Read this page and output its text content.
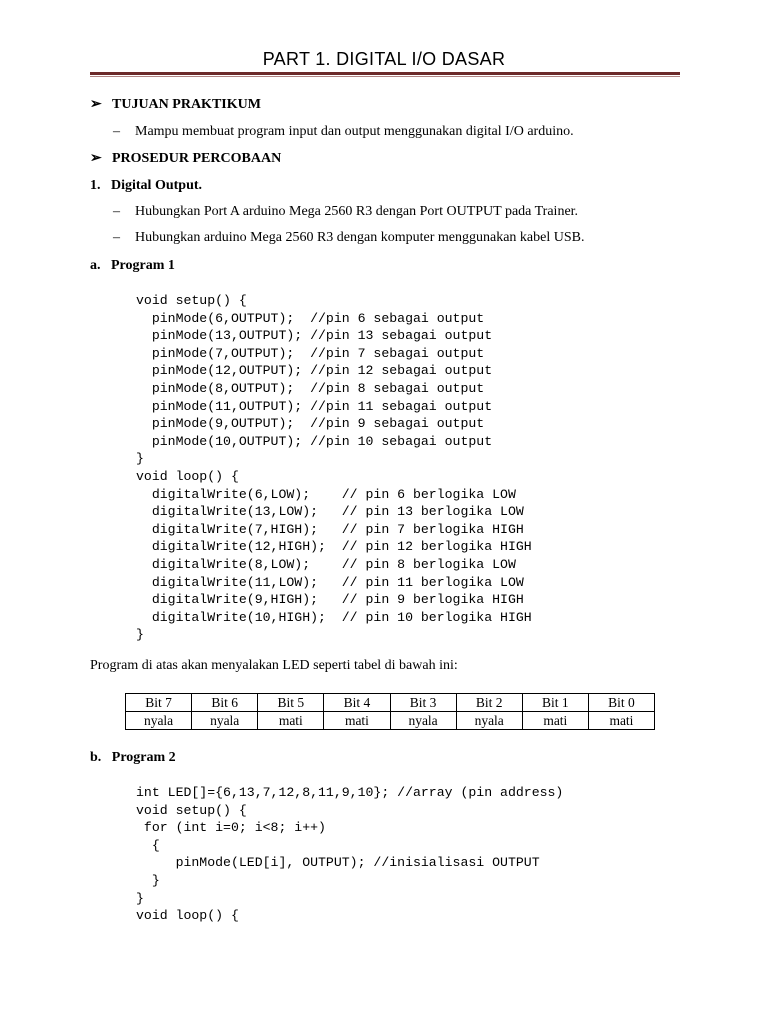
PART 1. DIGITAL I/O DASAR
➢ TUJUAN PRAKTIKUM
– Mampu membuat program input dan output menggunakan digital I/O arduino.
➢ PROSEDUR PERCOBAAN
1.   Digital Output.
– Hubungkan Port A arduino Mega 2560 R3 dengan Port OUTPUT pada Trainer.
– Hubungkan arduino Mega 2560 R3 dengan komputer menggunakan kabel USB.
a.   Program 1
void setup() {
pinMode(6,OUTPUT);  //pin 6 sebagai output
pinMode(13,OUTPUT); //pin 13 sebagai output
pinMode(7,OUTPUT);  //pin 7 sebagai output
pinMode(12,OUTPUT); //pin 12 sebagai output
pinMode(8,OUTPUT);  //pin 8 sebagai output
pinMode(11,OUTPUT); //pin 11 sebagai output
pinMode(9,OUTPUT);  //pin 9 sebagai output
pinMode(10,OUTPUT); //pin 10 sebagai output
}
void loop() {
digitalWrite(6,LOW);    // pin 6 berlogika LOW
digitalWrite(13,LOW);   // pin 13 berlogika LOW
digitalWrite(7,HIGH);   // pin 7 berlogika HIGH
digitalWrite(12,HIGH);  // pin 12 berlogika HIGH
digitalWrite(8,LOW);    // pin 8 berlogika LOW
digitalWrite(11,LOW);   // pin 11 berlogika LOW
digitalWrite(9,HIGH);   // pin 9 berlogika HIGH
digitalWrite(10,HIGH);  // pin 10 berlogika HIGH
}
Program di atas akan menyalakan LED seperti tabel di bawah ini:
Bit 7	Bit 6	Bit 5	Bit 4	Bit 3	Bit 2	Bit 1	Bit 0
nyala	nyala	mati	mati	nyala	nyala	mati	mati
b.   Program 2
int LED[]={6,13,7,12,8,11,9,10}; //array (pin address)
void setup() {
for (int i=0; i<8; i++)
{
pinMode(LED[i], OUTPUT); //inisialisasi OUTPUT
}
}
void loop() {
